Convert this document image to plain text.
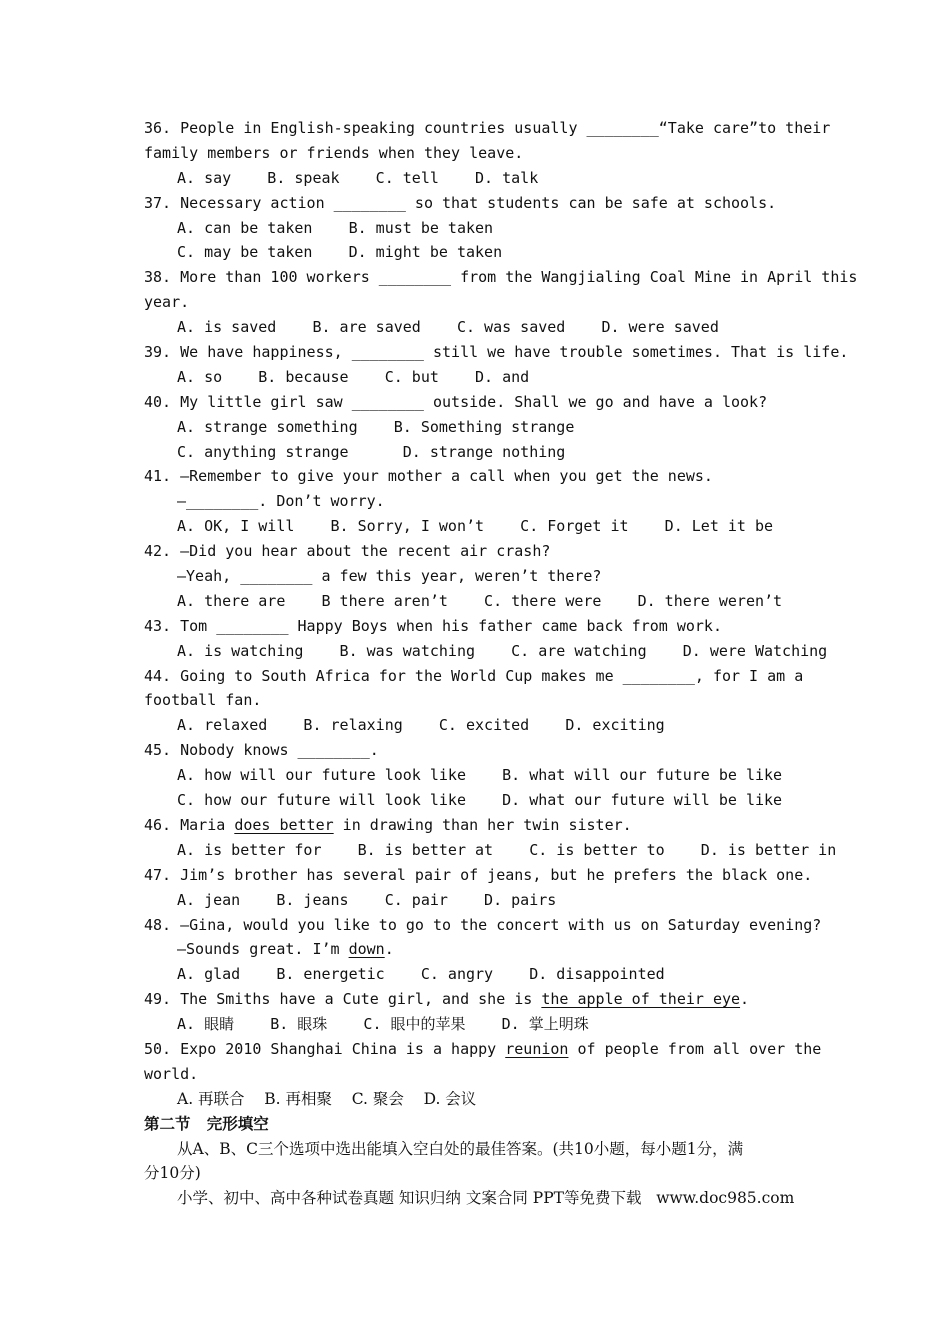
36. People in English-speaking countries usually ________“Take care”to their

family members or friends when they leave.

A. say    B. speak    C. tell    D. talk

37. Necessary action ________ so that students can be safe at schools.

A. can be taken    B. must be taken

C. may be taken    D. might be taken

38. More than 100 workers ________ from the Wangjialing Coal Mine in April this

year.

A. is saved    B. are saved    C. was saved    D. were saved

39. We have happiness, ________ still we have trouble sometimes. That is life.

A. so    B. because    C. but    D. and

40. My little girl saw ________ outside. Shall we go and have a look?

A. strange something    B. Something strange

C. anything strange      D. strange nothing

41. —Remember to give your mother a call when you get the news.

—________. Don’t worry.

A. OK, I will    B. Sorry, I won’t    C. Forget it    D. Let it be

42. —Did you hear about the recent air crash?

—Yeah, ________ a few this year, weren’t there?

A. there are    B there aren’t    C. there were    D. there weren’t

43. Tom ________ Happy Boys when his father came back from work.

A. is watching    B. was watching    C. are watching    D. were Watching

44. Going to South Africa for the World Cup makes me ________, for I am a

football fan.

A. relaxed    B. relaxing    C. excited    D. exciting

45. Nobody knows ________.

A. how will our future look like    B. what will our future be like

C. how our future will look like    D. what our future will be like

46. Maria does better in drawing than her twin sister.

A. is better for    B. is better at    C. is better to    D. is better in

47. Jim’s brother has several pair of jeans, but he prefers the black one.

A. jean    B. jeans    C. pair    D. pairs

48. —Gina, would you like to go to the concert with us on Saturday evening?

—Sounds great. I’m down.

A. glad    B. energetic    C. angry    D. disappointed

49. The Smiths have a Cute girl, and she is the apple of their eye.

A. 眼睛    B. 眼珠    C. 眼中的苹果    D. 掌上明珠

50. Expo 2010 Shanghai China is a happy reunion of people from all over the

world.

A. 再联合    B. 再相聚    C. 聚会    D. 会议

第二节   完形填空

从A、B、C三个选项中选出能填入空白处的最佳答案。(共10小题，每小题1分，满

分10分)

小学、初中、高中各种试卷真题 知识归纳 文案合同 PPT等免费下载   www.doc985.com
